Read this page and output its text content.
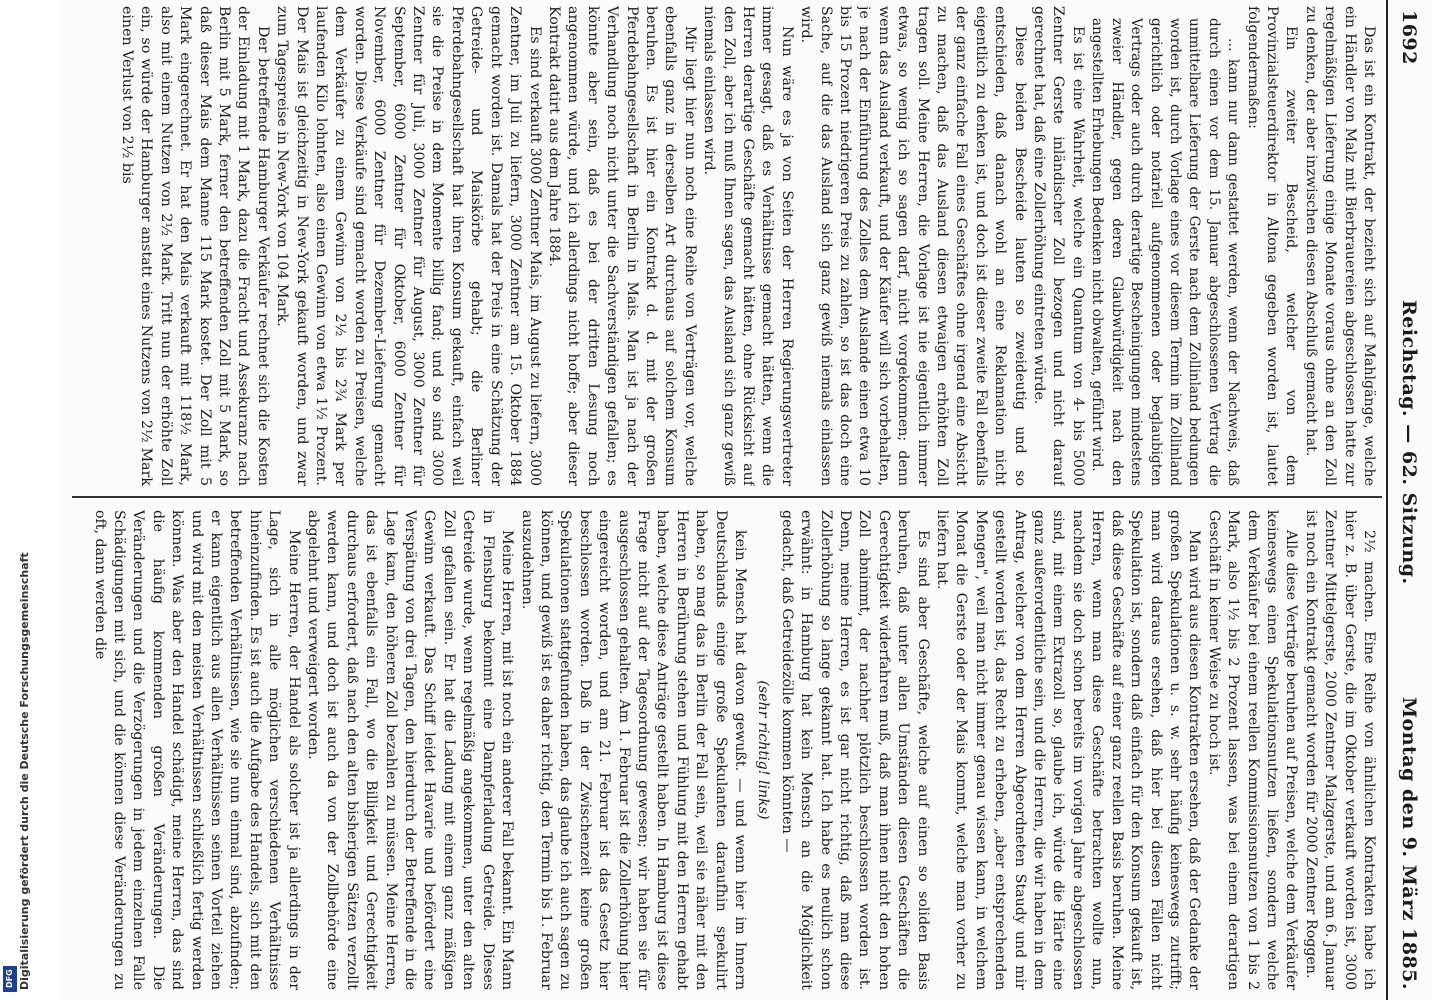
Digitalisierung gefördert durch die Deutsche Forschungsgemeinschaft
DFG
1692
Reichstag. — 62. Sitzung.
Montag den 9. März 1885.

Das ist ein Kontrakt, der bezieht sich auf Mahlgänge, welche ein Händler von Malz mit Bierbrauereien abgeschlossen hatte zur regelmäßigen Lieferung einige Monate voraus ohne an den Zoll zu denken, der aber inzwischen diesen Abschluß gemacht hat.

Ein zweiter Bescheid, welcher von dem Provinzialsteuerdirektor in Altona gegeben worden ist, lautet folgendermaßen:

… kann nur dann gestattet werden, wenn der Nachweis, daß durch einen vor dem 15. Januar abgeschlossenen Vertrag die unmittelbare Lieferung der Gerste nach dem Zollinland bedungen worden ist, durch Vorlage eines vor diesem Termin im Zollinland gerichtlich oder notariell aufgenommenen oder beglaubigten Vertrags oder auch durch derartige Bescheinigungen mindestens zweier Händler, gegen deren Glaubwürdigkeit nach den angestellten Erhebungen Bedenken nicht obwalten, geführt wird.

Es ist eine Wahrheit, welche ein Quantum von 4- bis 5000 Zentner Gerste inländischer Zoll bezogen und nicht darauf gerechnet hat, daß eine Zollerhöhung eintreten würde.

Diese beiden Bescheide lauten so zweideutig und so entschieden, daß danach wohl an eine Reklamation nicht eigentlich zu denken ist, und doch ist dieser zweite Fall ebenfalls der ganz einfache Fall eines Geschäftes ohne irgend eine Absicht zu machen, daß das Ausland diesen etwaigen erhöhten Zoll tragen soll. Meine Herren, die Vorlage ist nie eigentlich immer etwas, so wenig ich so sagen darf, nicht vorgekommen; denn wenn das Ausland verkauft, und der Käufer will sich vorbehalten, je nach der Einführung des Zolles dem Auslande einen etwa 10 bis 15 Prozent niedrigeren Preis zu zahlen, so ist das doch eine Sache, auf die das Ausland sich ganz gewiß niemals einlassen wird.

Nun wäre es ja von Seiten der Herren Regierungsvertreter immer gesagt, daß es Verhältnisse gemacht hätten, wenn die Herren derartige Geschäfte gemacht hätten, ohne Rücksicht auf den Zoll, aber ich muß Ihnen sagen, das Ausland sich ganz gewiß niemals einlassen wird.

Mir liegt hier nun noch eine Reihe von Verträgen vor, welche ebenfalls ganz in derselben Art durchaus auf solchem Konsum beruhen. Es ist hier ein Kontrakt d. d. mit der großen Pferdebahngesellschaft in Berlin in Mais. Man ist ja nach der Verhandlung noch nicht unter die Sachverständigen gefallen; es könnte aber sein, daß es bei der dritten Lesung noch angenommen würde, und ich allerdings nicht hoffe; aber dieser Kontrakt datirt aus dem Jahre 1884.

Es sind verkauft 3000 Zentner Mais, im August zu liefern, 3000 Zentner, im Juli zu liefern, 3000 Zentner am 15. Oktober 1884 gemacht worden ist. Damals hat der Preis in eine Schätzung der Getreide- und Maiskörbe gehabt; die Berliner Pferdebahngesellschaft hat ihren Konsum gekauft, einfach weil sie die Preise in dem Momente billig fand; und so sind 3000 Zentner für Juli, 3000 Zentner für August, 3000 Zentner für September, 6000 Zentner für Oktober, 6000 Zentner für November, 6000 Zentner für Dezember-Lieferung gemacht worden. Diese Verkäufe sind gemacht worden zu Preisen, welche dem Verkäufer zu einem Gewinn von 2½ bis 2¾ Mark per laufenden Kilo lohnten, also einen Gewinn von etwa 1½ Prozent. Der Mais ist gleichzeitig in New-York gekauft worden, und zwar zum Tagespreise in New-York von 104 Mark.

Der betreffende Hamburger Verkäufer rechnet sich die Kosten der Einladung mit 1 Mark, dazu die Fracht und Assekuranz nach Berlin mit 5 Mark, ferner den betreffenden Zoll mit 5 Mark, so daß dieser Mais dem Manne 115 Mark kostet. Der Zoll mit 5 Mark eingerechnet. Er hat den Mais verkauft mit 118½ Mark, also mit einem Nutzen von 2½ Mark. Tritt nun der erhöhte Zoll ein, so würde der Hamburger anstatt eines Nutzens von 2½ Mark einen Verlust von 2½ bis

2½ machen. Eine Reihe von ähnlichen Kontrakten habe ich hier z. B. über Gerste, die im Oktober verkauft worden ist, 3000 Zentner Mittelgerste, 2000 Zentner Malzgerste, und am 6. Januar ist noch ein Kontrakt gemacht worden für 2000 Zentner Roggen.

Alle diese Verträge beruhen auf Preisen, welche dem Verkäufer keineswegs einen Spekulationsnutzen ließen, sondern welche dem Verkäufer bei einem reellen Kommissionsnutzen von 1 bis 2 Mark, also 1½ bis 2 Prozent lassen, was bei einem derartigen Geschäft in keiner Weise zu hoch ist.

Man wird aus diesen Kontrakten ersehen, daß der Gedanke der großen Spekulationen u. s. w. sehr häufig keineswegs zutrifft; man wird daraus ersehen, daß hier bei diesen Fällen nicht Spekulation ist, sondern daß einfach für den Konsum gekauft ist, daß diese Geschäfte auf einer ganz reellen Basis beruhen. Meine Herren, wenn man diese Geschäfte betrachten wollte nun, nachdem sie doch schon bereits im vorigen Jahre abgeschlossen sind, mit einem Extrazoll so, glaube ich, würde die Härte eine ganz außerordentliche sein, und die Herren, die wir haben in dem Antrag, welcher von dem Herren Abgeordneten Staudy und mir gestellt worden ist, das Recht zu erheben, „aber entsprechenden Mengen", weil man nicht immer genau wissen kann, in welchem Monat die Gerste oder der Mais kommt, welche man vorher zu liefern hat.

Es sind aber Geschäfte, welche auf einen so soliden Basis beruhen, daß unter allen Umständen diesen Geschäften die Gerechtigkeit widerfahren muß, daß man ihnen nicht den hohen Zoll abnimmt, der nachher plötzlich beschlossen worden ist. Denn, meine Herren, es ist gar nicht richtig, daß man diese Zollerhöhung so lange gekannt hat. Ich habe es neulich schon erwähnt: in Hamburg hat kein Mensch an die Möglichkeit gedacht, daß Getreidezölle kommen könnten —

(sehr richtig! links)

kein Mensch hat davon gewußt. — und wenn hier im Innern Deutschlands einige große Spekulanten daraufhin spekulirt haben, so mag das in Berlin der Fall sein, weil sie näher mit den Herren in Berührung stehen und Fühlung mit den Herren gehabt haben, welche diese Anträge gestellt haben. In Hamburg ist diese Frage nicht auf der Tagesordnung gewesen; wir haben sie für ausgeschlossen gehalten. Am 1. Februar ist die Zollerhöhung hier eingereicht worden, und am 21. Februar ist das Gesetz hier beschlossen worden. Daß in der Zwischenzeit keine großen Spekulationen stattgefunden haben, das glaube ich auch sagen zu können, und gewiß ist es daher richtig, den Termin bis 1. Februar auszudehnen.

Meine Herren, mit ist noch ein anderer Fall bekannt. Ein Mann in Flensburg bekommt eine Dampferladung Getreide. Dieses Getreide wurde, wenn regelmäßig angekommen, unter den alten Zoll gefallen sein. Er hat die Ladung mit einem ganz mäßigen Gewinn verkauft. Das Schiff leidet Havarie und befördert eine Verspätung von drei Tagen, den hierdurch der Betreffende in die Lage kam, den höheren Zoll bezahlen zu müssen. Meine Herren, das ist ebenfalls ein Fall, wo die Billigkeit und Gerechtigkeit durchaus erfordert, daß nach den alten bisherigen Sätzen verzollt werden kann, und doch ist auch da von der Zollbehörde eine abgelehnt und verweigert worden.

Meine Herren, der Handel als solcher ist ja allerdings in der Lage, sich in alle möglichen verschiedenen Verhältnisse hineinzufinden. Es ist auch die Aufgabe des Handels, sich mit den betreffenden Verhältnissen, wie sie nun einmal sind, abzufinden; er kann eigentlich aus allen Verhältnissen seinen Vorteil ziehen und wird mit den meisten Verhältnissen schließlich fertig werden können. Was aber den Handel schädigt, meine Herren, das sind die häufig kommenden großen Veränderungen. Die Veränderungen und die Verzögerungen in jedem einzelnen Falle Schädigungen mit sich, und die können diese Veränderungen zu oft, dann werden die
